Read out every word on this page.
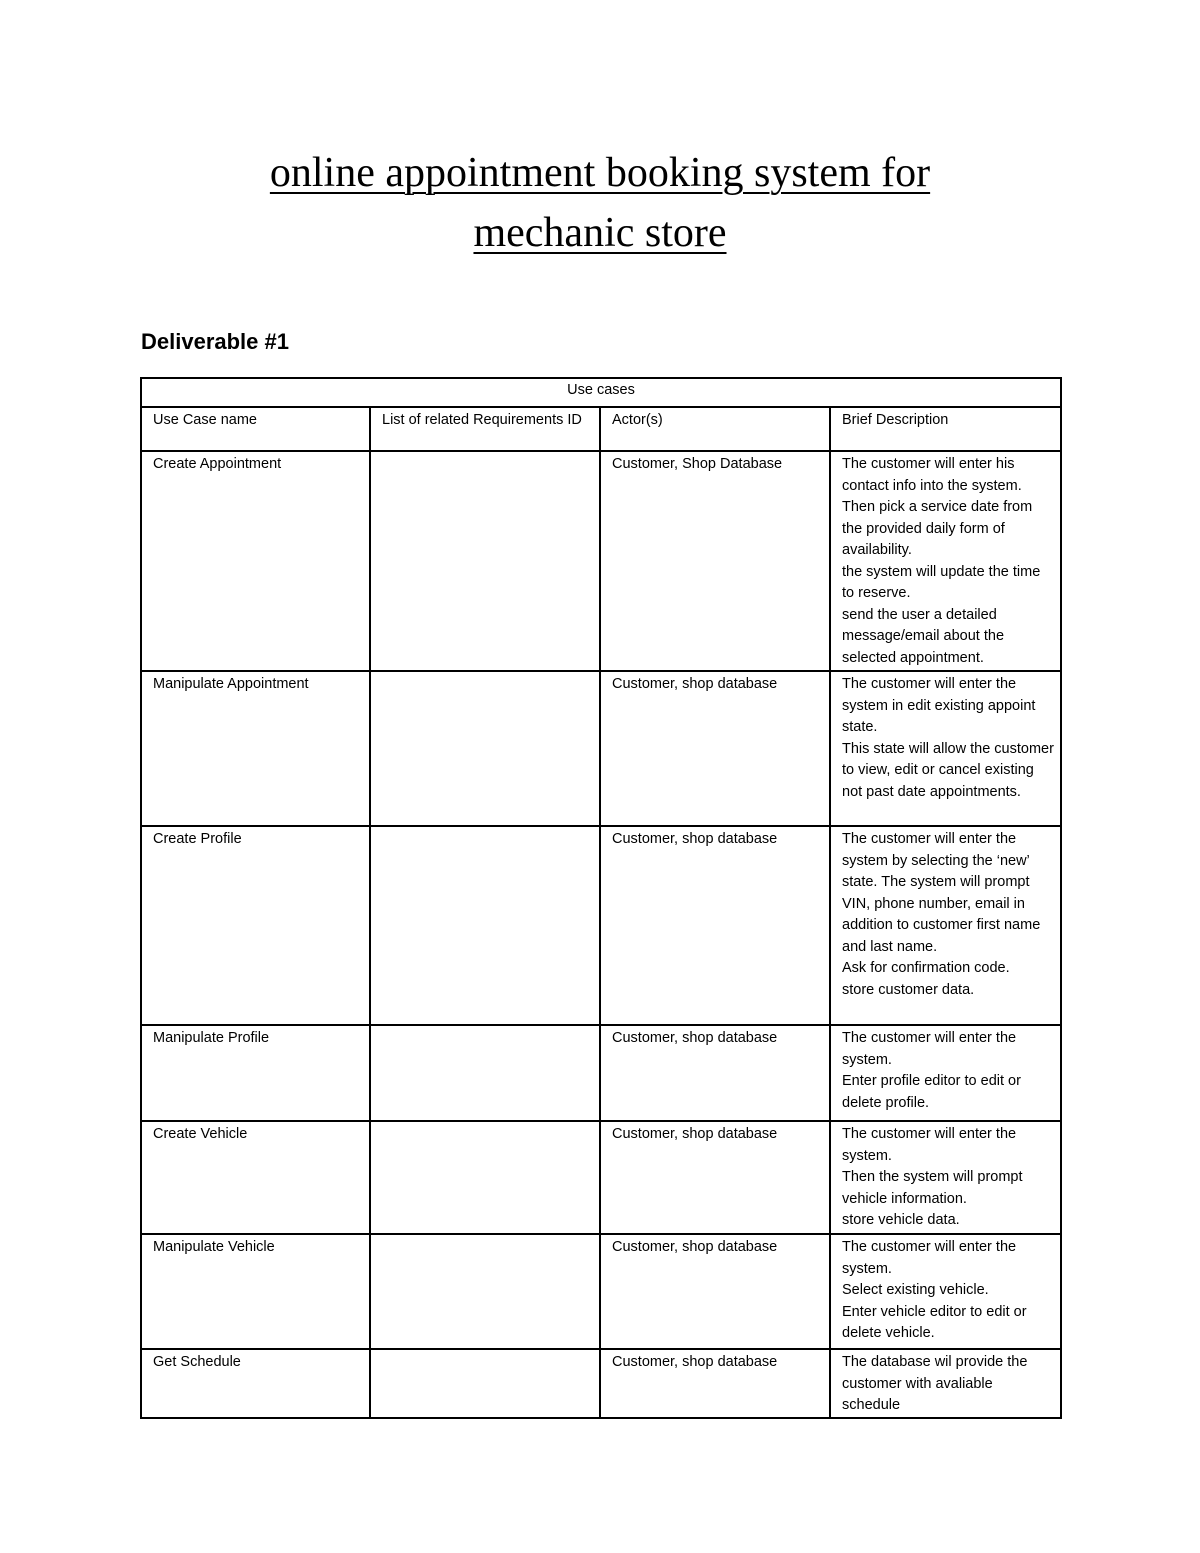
online appointment booking system for
mechanic store
Deliverable #1
Use cases			
Use Case name	List of related Requirements ID	Actor(s)	Brief Description
Create Appointment		Customer, Shop Database	The customer will enter his contact info into the system.
Then pick a service date from the provided daily form of availability.
the system will update the time to reserve.
send the user a detailed message/email about the selected appointment.

Manipulate Appointment		Customer, shop database	The customer will enter the system in edit existing appoint state.
This state will allow the customer to view, edit or cancel existing not past date appointments.

Create Profile		Customer, shop database	The customer will enter the system by selecting the ‘new’ state. The system will prompt VIN, phone number, email in addition to customer first name and last name.
Ask for confirmation code.
store customer data.

Manipulate Profile		Customer, shop database	The customer will enter the system.
Enter profile editor to edit or delete profile.

Create Vehicle		Customer, shop database	The customer will enter the system.
Then the system will prompt vehicle information.
store vehicle data.

Manipulate Vehicle		Customer, shop database	The customer will enter the system.
Select existing vehicle.
Enter vehicle editor to edit or delete vehicle.

Get Schedule		Customer, shop database	The database wil provide the customer with avaliable schedule
